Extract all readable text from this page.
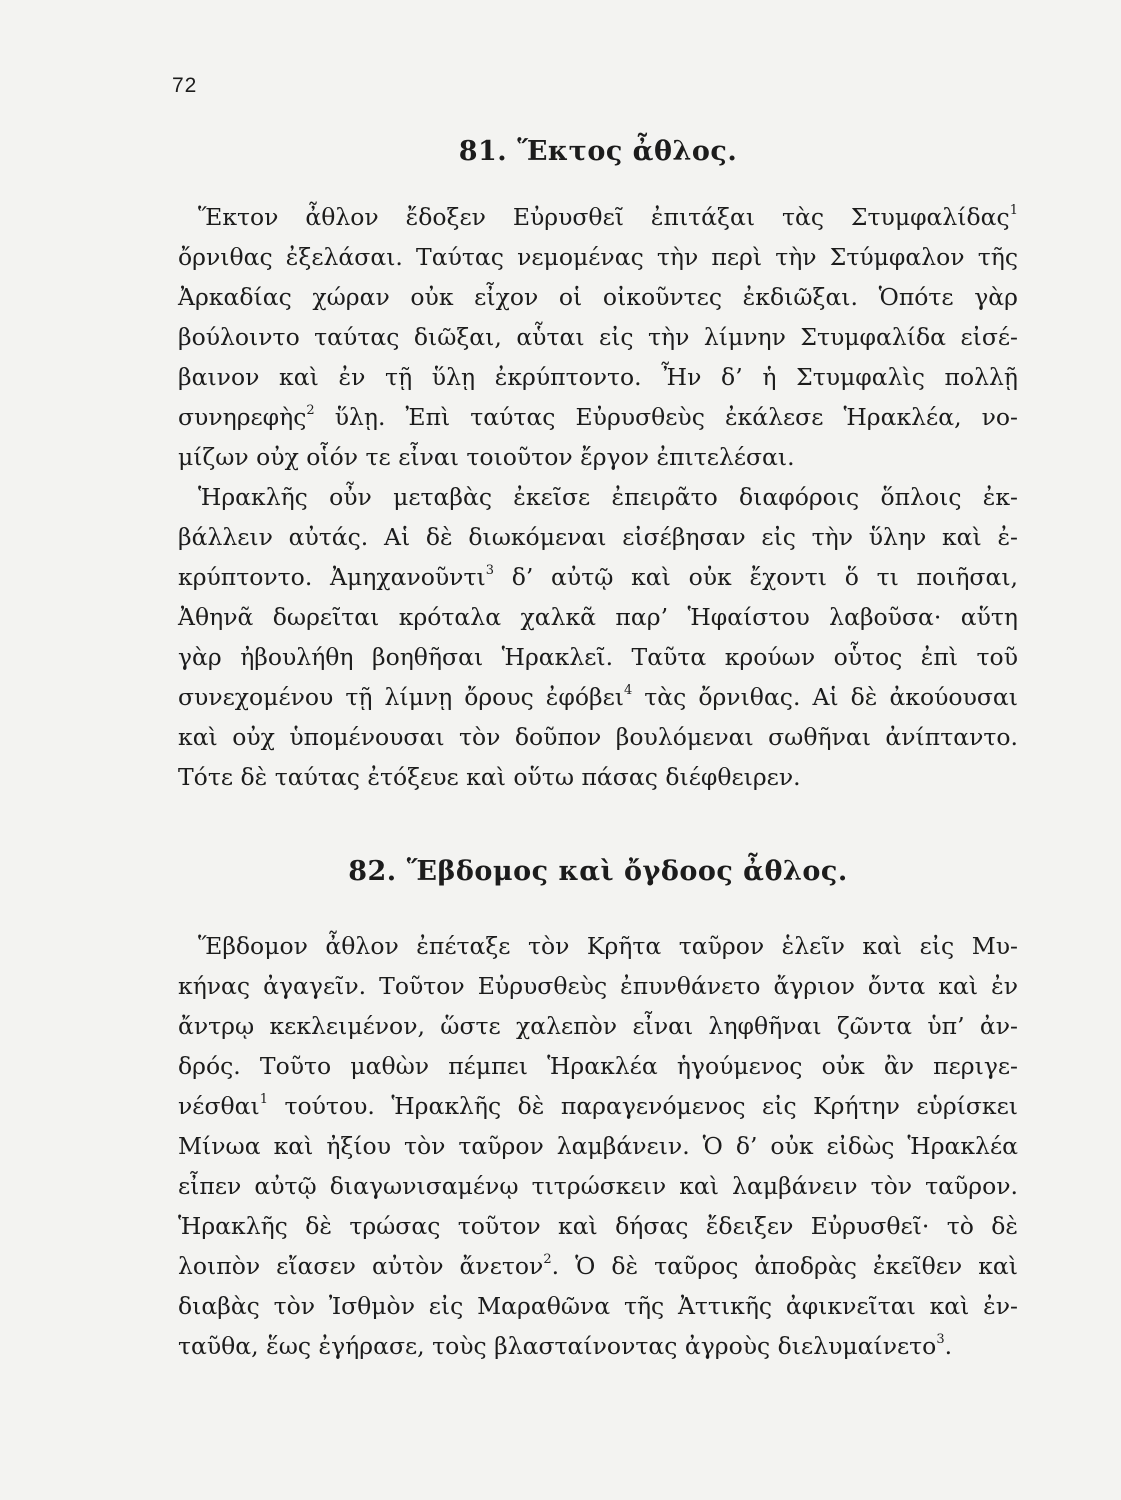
72
81. Ἕκτος ἆθλος.
Ἕκτον ἆθλον ἔδοξεν Εὐρυσθεῖ ἐπιτάξαι τὰς Στυμφαλίδας$^1$
ὄρνιθας ἐξελάσαι. Ταύτας νεμομένας τὴν περὶ τὴν Στύμφαλον τῆς
Ἀρκαδίας χώραν οὐκ εἶχον οἱ οἰκοῦντες ἐκδιῶξαι. Ὁπότε γὰρ
βούλοιντο ταύτας διῶξαι, αὗται εἰς τὴν λίμνην Στυμφαλίδα εἰσέ-
βαινον καὶ ἐν τῇ ὕλῃ ἐκρύπτοντο. Ἦν δ’ ἡ Στυμφαλὶς πολλῇ
συνηρεφὴς$^2$ ὕλῃ. Ἐπὶ ταύτας Εὐρυσθεὺς ἐκάλεσε Ἡρακλέα, νο-
μίζων οὐχ οἷόν τε εἶναι τοιοῦτον ἔργον ἐπιτελέσαι.
Ἡρακλῆς οὖν μεταβὰς ἐκεῖσε ἐπειρᾶτο διαφόροις ὅπλοις ἐκ-
βάλλειν αὐτάς. Αἱ δὲ διωκόμεναι εἰσέβησαν εἰς τὴν ὕλην καὶ ἐ-
κρύπτοντο. Ἀμηχανοῦντι$^3$ δ’ αὐτῷ καὶ οὐκ ἔχοντι ὅ τι ποιῆσαι,
Ἀθηνᾶ δωρεῖται κρόταλα χαλκᾶ παρ’ Ἡφαίστου λαβοῦσα· αὕτη
γὰρ ἠβουλήθη βοηθῆσαι Ἡρακλεῖ. Ταῦτα κρούων οὗτος ἐπὶ τοῦ
συνεχομένου τῇ λίμνῃ ὄρους ἐφόβει$^4$ τὰς ὄρνιθας. Αἱ δὲ ἀκούουσαι
καὶ οὐχ ὑπομένουσαι τὸν δοῦπον βουλόμεναι σωθῆναι ἀνίπταντο.
Τότε δὲ ταύτας ἐτόξευε καὶ οὕτω πάσας διέφθειρεν.
82. Ἕβδομος καὶ ὄγδοος ἆθλος.
Ἕβδομον ἆθλον ἐπέταξε τὸν Κρῆτα ταῦρον ἑλεῖν καὶ εἰς Μυ-
κήνας ἀγαγεῖν. Τοῦτον Εὐρυσθεὺς ἐπυνθάνετο ἄγριον ὄντα καὶ ἐν
ἄντρῳ κεκλειμένον, ὥστε χαλεπὸν εἶναι ληφθῆναι ζῶντα ὑπ’ ἀν-
δρός. Τοῦτο μαθὼν πέμπει Ἡρακλέα ἡγούμενος οὐκ ἂν περιγε-
νέσθαι$^1$ τούτου. Ἡρακλῆς δὲ παραγενόμενος εἰς Κρήτην εὑρίσκει
Μίνωα καὶ ἠξίου τὸν ταῦρον λαμβάνειν. Ὁ δ’ οὐκ εἰδὼς Ἡρακλέα
εἶπεν αὐτῷ διαγωνισαμένῳ τιτρώσκειν καὶ λαμβάνειν τὸν ταῦρον.
Ἡρακλῆς δὲ τρώσας τοῦτον καὶ δήσας ἔδειξεν Εὐρυσθεῖ· τὸ δὲ
λοιπὸν εἴασεν αὐτὸν ἄνετον$^2$. Ὁ δὲ ταῦρος ἀποδρὰς ἐκεῖθεν καὶ
διαβὰς τὸν Ἰσθμὸν εἰς Μαραθῶνα τῆς Ἀττικῆς ἀφικνεῖται καὶ ἐν-
ταῦθα, ἕως ἐγήρασε, τοὺς βλασταίνοντας ἀγροὺς διελυμαίνετο$^3$.
